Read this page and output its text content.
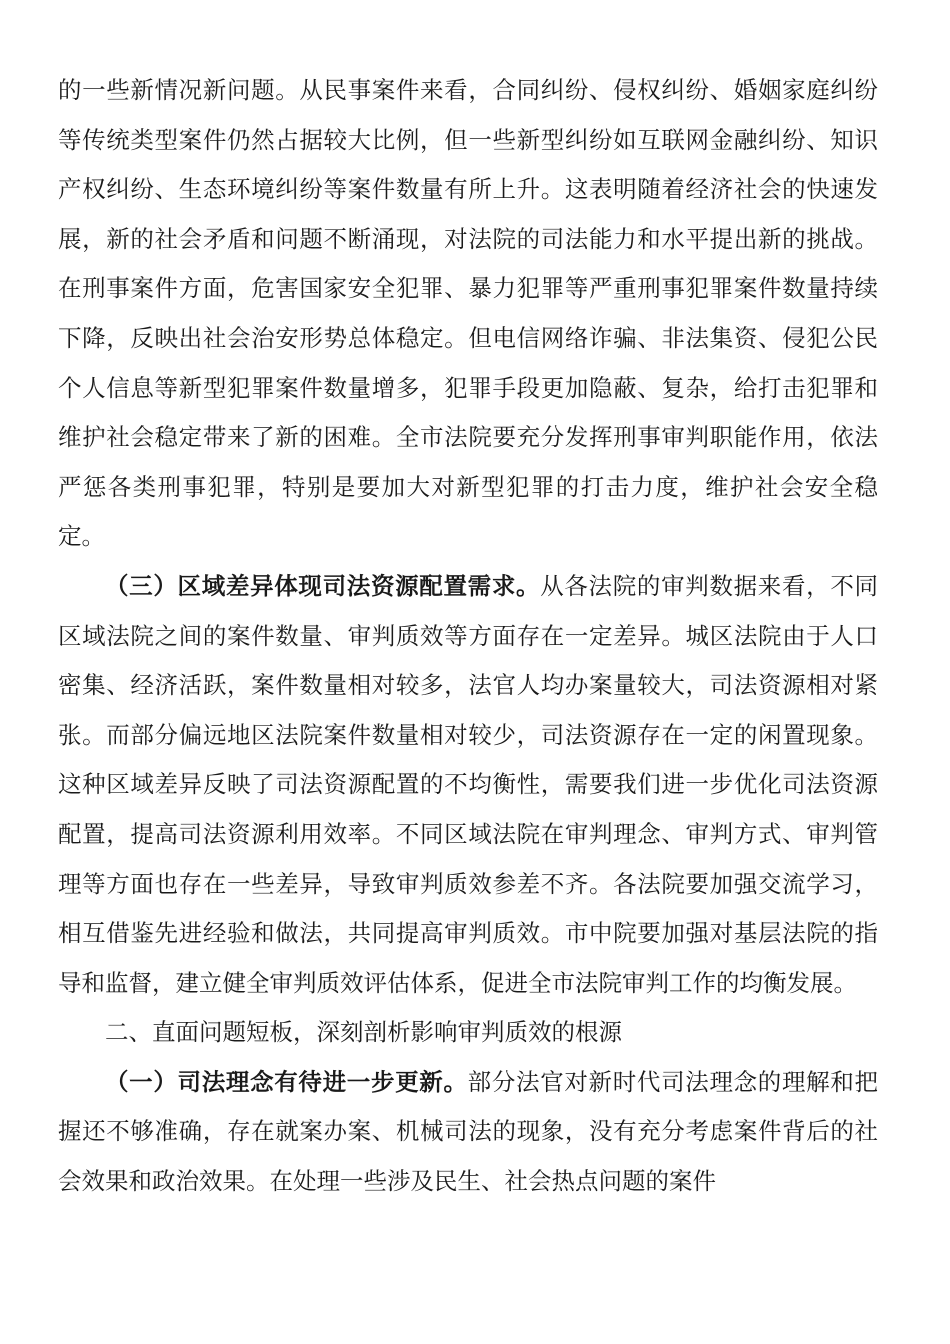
的一些新情况新问题。从民事案件来看，合同纠纷、侵权纠纷、婚姻家庭纠纷等传统类型案件仍然占据较大比例，但一些新型纠纷如互联网金融纠纷、知识产权纠纷、生态环境纠纷等案件数量有所上升。这表明随着经济社会的快速发展，新的社会矛盾和问题不断涌现，对法院的司法能力和水平提出新的挑战。在刑事案件方面，危害国家安全犯罪、暴力犯罪等严重刑事犯罪案件数量持续下降，反映出社会治安形势总体稳定。但电信网络诈骗、非法集资、侵犯公民个人信息等新型犯罪案件数量增多，犯罪手段更加隐蔽、复杂，给打击犯罪和维护社会稳定带来了新的困难。全市法院要充分发挥刑事审判职能作用，依法严惩各类刑事犯罪，特别是要加大对新型犯罪的打击力度，维护社会安全稳定。

（三）区域差异体现司法资源配置需求。从各法院的审判数据来看，不同区域法院之间的案件数量、审判质效等方面存在一定差异。城区法院由于人口密集、经济活跃，案件数量相对较多，法官人均办案量较大，司法资源相对紧张。而部分偏远地区法院案件数量相对较少，司法资源存在一定的闲置现象。这种区域差异反映了司法资源配置的不均衡性，需要我们进一步优化司法资源配置，提高司法资源利用效率。不同区域法院在审判理念、审判方式、审判管理等方面也存在一些差异，导致审判质效参差不齐。各法院要加强交流学习，相互借鉴先进经验和做法，共同提高审判质效。市中院要加强对基层法院的指导和监督，建立健全审判质效评估体系，促进全市法院审判工作的均衡发展。

二、直面问题短板，深刻剖析影响审判质效的根源

（一）司法理念有待进一步更新。部分法官对新时代司法理念的理解和把握还不够准确，存在就案办案、机械司法的现象，没有充分考虑案件背后的社会效果和政治效果。在处理一些涉及民生、社会热点问题的案件
